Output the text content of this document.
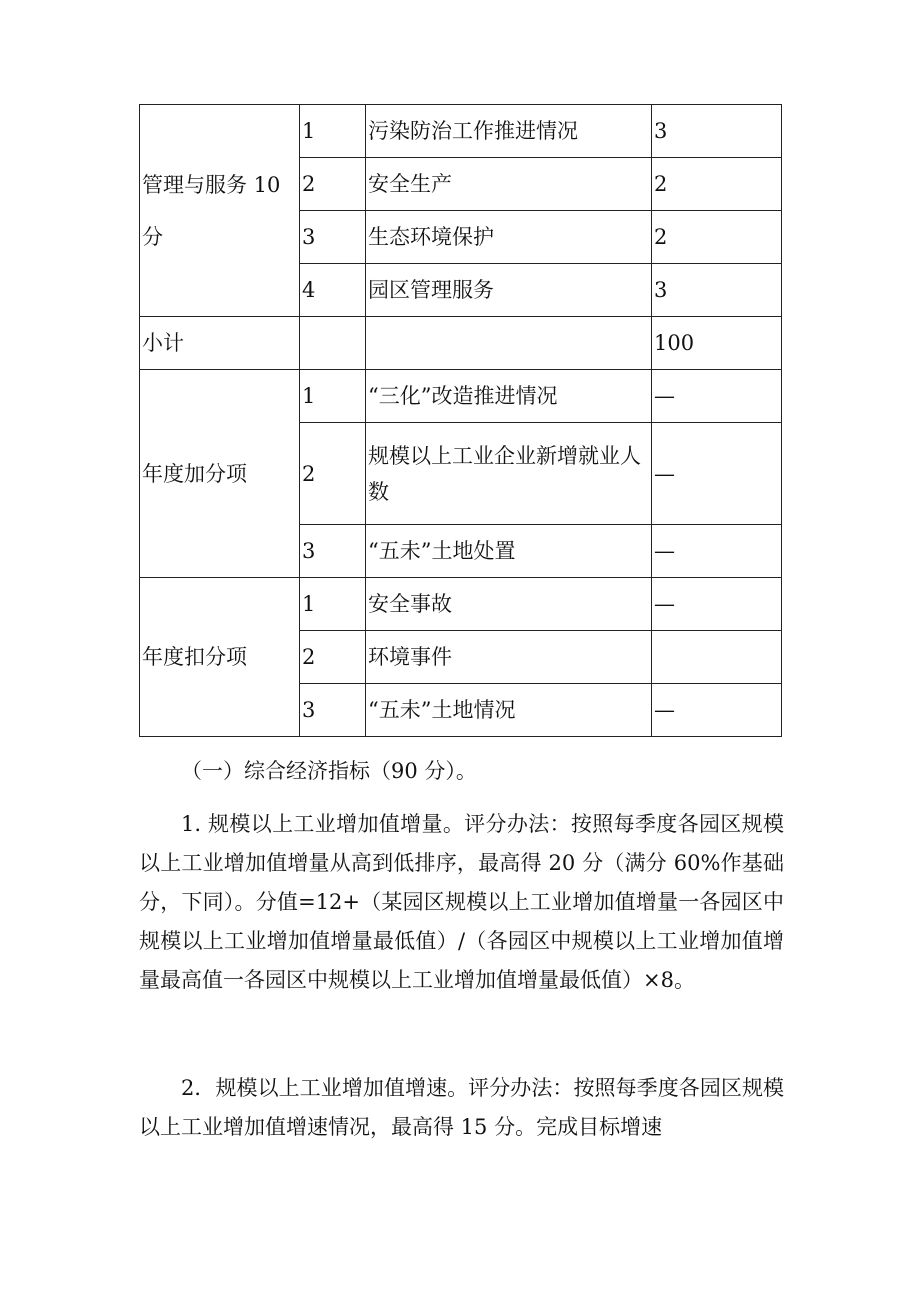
管理与服务 10 分	1	污染防治工作推进情况	3
	2	安全生产	2
	3	生态环境保护	2
	4	园区管理服务	3
小计			100
年度加分项	1	“三化”改造推进情况	—
	2	规模以上工业企业新增就业人数	—
	3	“五未”土地处置	—
年度扣分项	1	安全事故	—
	2	环境事件	
	3	“五未”土地情况	—

（一）综合经济指标（90 分）。

1. 规模以上工业增加值增量。评分办法：按照每季度各园区规模以上工业增加值增量从高到低排序，最高得 20 分（满分 60%作基础分，下同）。分值=12+（某园区规模以上工业增加值增量一各园区中规模以上工业增加值增量最低值）/（各园区中规模以上工业增加值增量最高值一各园区中规模以上工业增加值增量最低值）×8。

2．规模以上工业增加值增速。评分办法：按照每季度各园区规模以上工业增加值增速情况，最高得 15 分。完成目标增速
